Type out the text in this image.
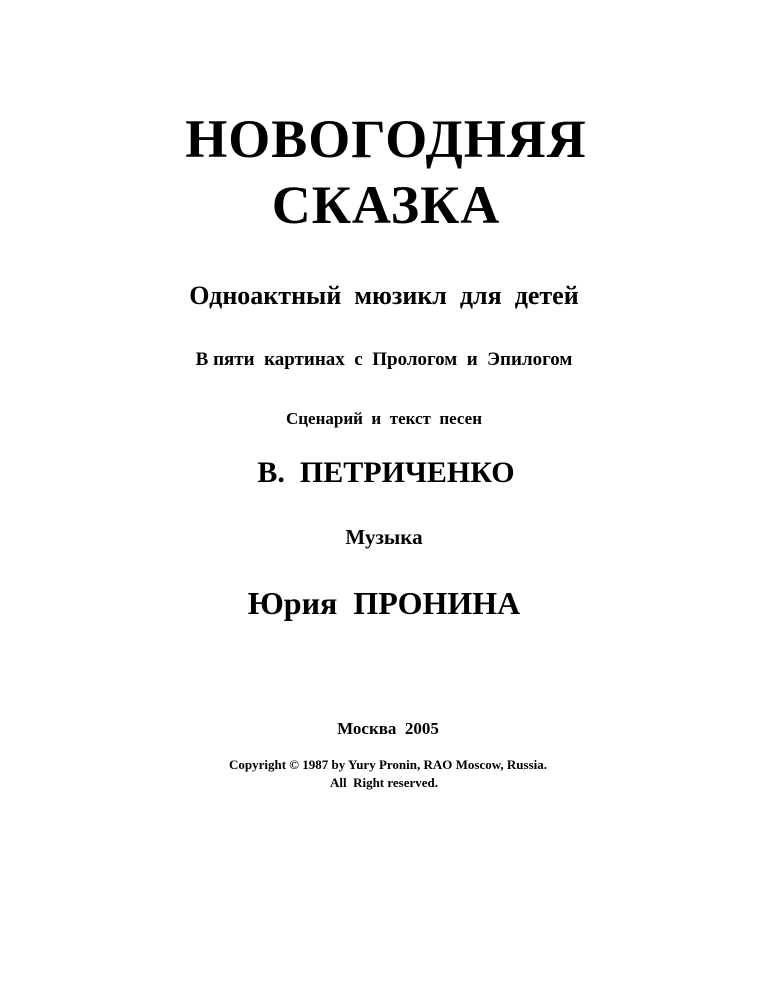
НОВОГОДНЯЯ
СКАЗКА
Одноактный  мюзикл  для  детей
В пяти  картинах  с  Прологом  и  Эпилогом
Сценарий  и  текст  песен
В.  ПЕТРИЧЕНКО
Музыка
Юрия  ПРОНИНА
Москва  2005
Copyright © 1987 by Yury Pronin, RAO Moscow, Russia.
All  Right reserved.
